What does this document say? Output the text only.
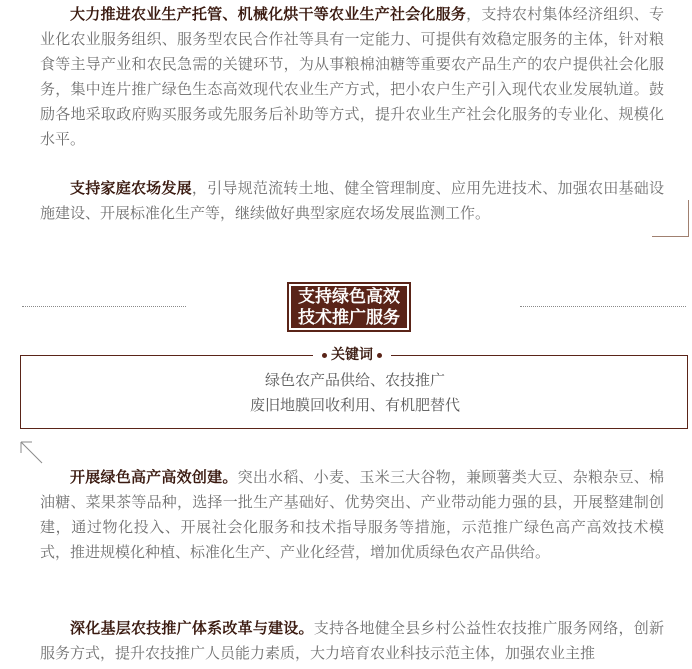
大力推进农业生产托管、机械化烘干等农业生产社会化服务，支持农村集体经济组织、专业化农业服务组织、服务型农民合作社等具有一定能力、可提供有效稳定服务的主体，针对粮食等主导产业和农民急需的关键环节，为从事粮棉油糖等重要农产品生产的农户提供社会化服务，集中连片推广绿色生态高效现代农业生产方式，把小农户生产引入现代农业发展轨道。鼓励各地采取政府购买服务或先服务后补助等方式，提升农业生产社会化服务的专业化、规模化水平。

支持家庭农场发展，引导规范流转土地、健全管理制度、应用先进技术、加强农田基础设施建设、开展标准化生产等，继续做好典型家庭农场发展监测工作。

支持绿色高效
技术推广服务
绿色农产品供给、农技推广
废旧地膜回收利用、有机肥替代
关键词

开展绿色高产高效创建。突出水稻、小麦、玉米三大谷物，兼顾薯类大豆、杂粮杂豆、棉油糖、菜果茶等品种，选择一批生产基础好、优势突出、产业带动能力强的县，开展整建制创建，通过物化投入、开展社会化服务和技术指导服务等措施，示范推广绿色高产高效技术模式，推进规模化种植、标准化生产、产业化经营，增加优质绿色农产品供给。

深化基层农技推广体系改革与建设。支持各地健全县乡村公益性农技推广服务网络，创新服务方式，提升农技推广人员能力素质，大力培育农业科技示范主体，加强农业主推
